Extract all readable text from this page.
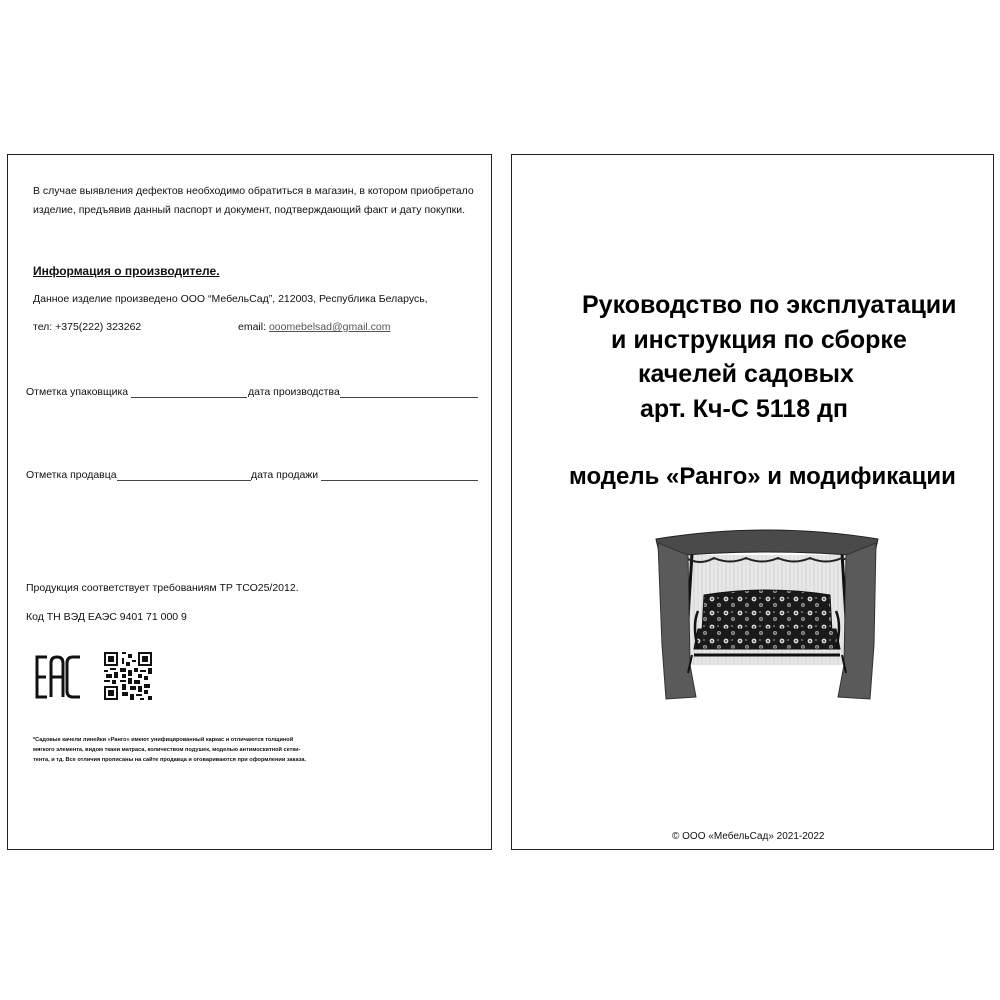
В случае выявления дефектов необходимо обратиться в магазин, в котором приобретало
изделие, предъявив данный паспорт и документ, подтверждающий факт и дату покупки.
Информация о производителе.
Данное изделие произведено ООО “МебельСад”, 212003, Республика Беларусь,
тел: +375(222) 323262	email: ooomebelsad@gmail.com
Отметка упаковщика	дата производства
Отметка продавца	дата продажи
Продукция соответствует требованиям ТР ТСО25/2012.
Код ТН ВЭД ЕАЭС 9401 71 000 9
*Садовые качели линейки «Ранго» имеют унифицированный каркас и отличаются толщиной
мягкого элемента, видом ткани матраса, количеством подушек, моделью антимоскитной сетки-
тента, и тд. Все отличия прописаны на сайте продавца и оговариваются при оформлении заказа.
Руководство по эксплуатации
и инструкция по сборке
качелей садовых
арт. Кч-С 5118 дп
модель «Ранго» и модификации
© ООО «МебельСад» 2021-2022
